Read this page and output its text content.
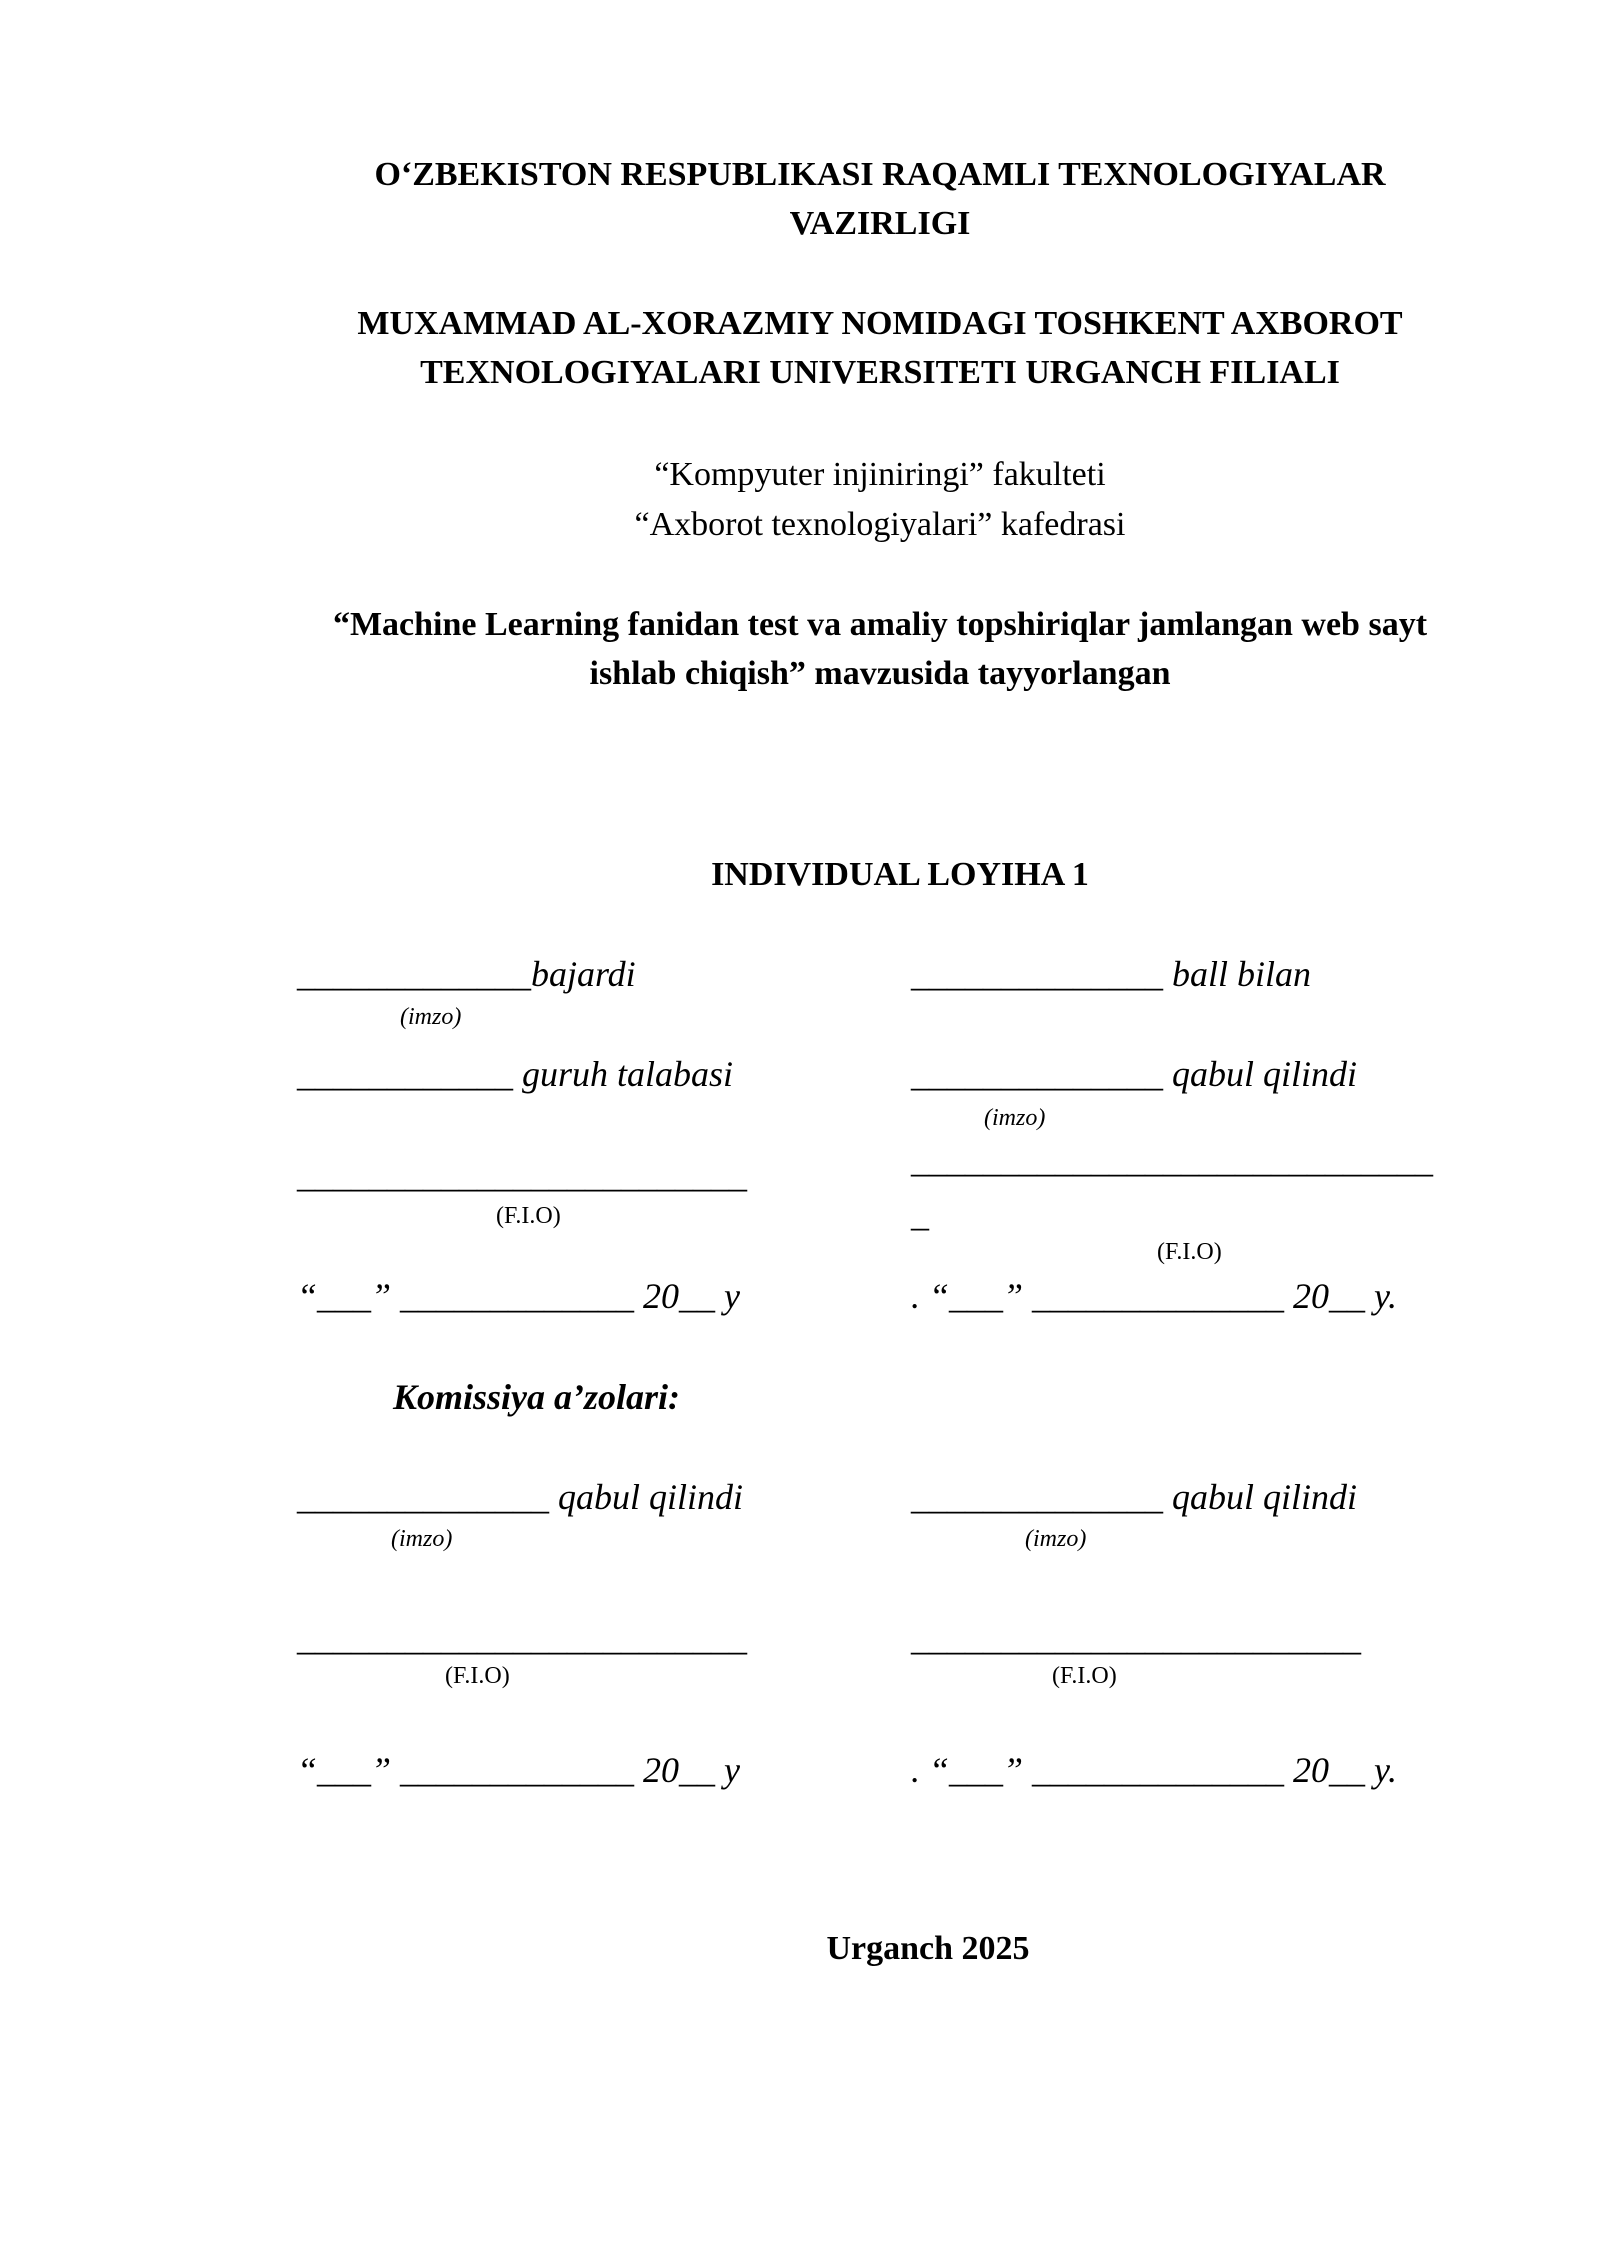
O‘ZBEKISTON RESPUBLIKASI RAQAMLI TEXNOLOGIYALAR
VAZIRLIGI
MUXAMMAD AL-XORAZMIY NOMIDAGI TOSHKENT AXBOROT
TEXNOLOGIYALARI UNIVERSITETI URGANCH FILIALI
“Kompyuter injiniringi” fakulteti
“Axborot texnologiyalari” kafedrasi
“Machine Learning fanidan test va amaliy topshiriqlar jamlangan web sayt
ishlab chiqish” mavzusida tayyorlangan
INDIVIDUAL LOYIHA 1
_____________bajardi
(imzo)
____________ guruh talabasi
_________________________
(F.I.O)
“___” _____________ 20__ y
______________ ball bilan
______________ qabul qilindi
(imzo)
_____________________________
_
(F.I.O)
. “___” ______________ 20__ y.
Komissiya a’zolari:
______________ qabul qilindi
(imzo)
_________________________
(F.I.O)
“___” _____________ 20__ y
______________ qabul qilindi
(imzo)
_________________________
(F.I.O)
. “___” ______________ 20__ y.
Urganch 2025
